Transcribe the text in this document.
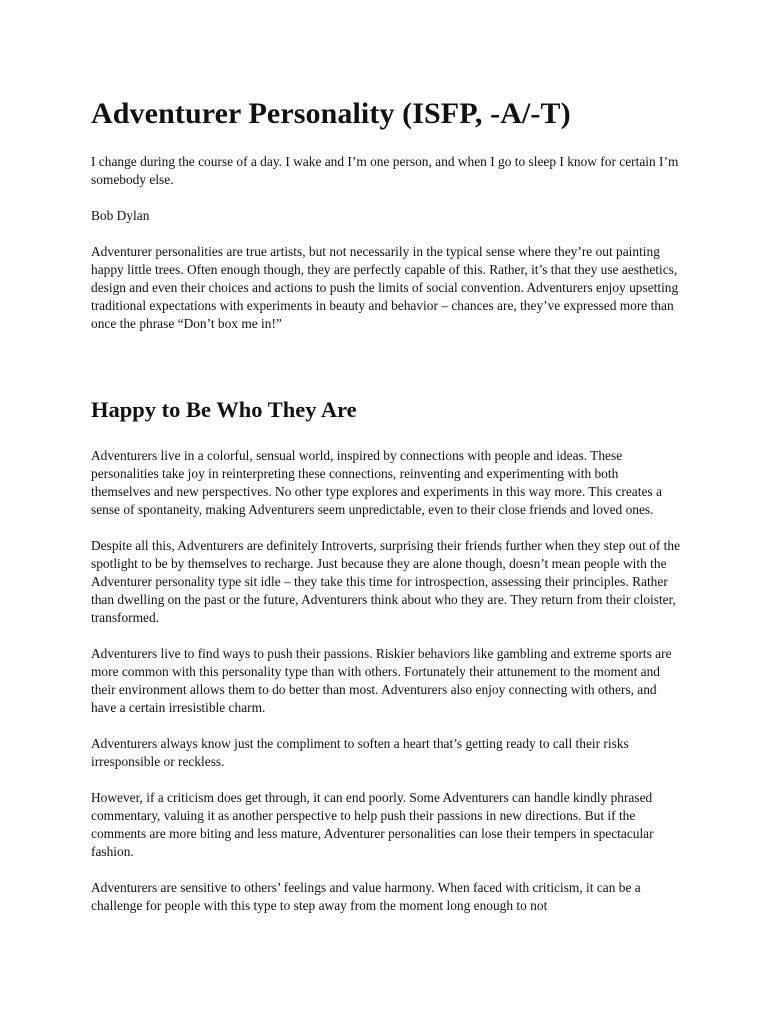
Adventurer Personality (ISFP, -A/-T)

I change during the course of a day. I wake and I’m one person, and when I go to sleep I know for certain I’m somebody else.

Bob Dylan

Adventurer personalities are true artists, but not necessarily in the typical sense where they’re out painting happy little trees. Often enough though, they are perfectly capable of this. Rather, it’s that they use aesthetics, design and even their choices and actions to push the limits of social convention. Adventurers enjoy upsetting traditional expectations with experiments in beauty and behavior – chances are, they’ve expressed more than once the phrase “Don’t box me in!”

Happy to Be Who They Are

Adventurers live in a colorful, sensual world, inspired by connections with people and ideas. These personalities take joy in reinterpreting these connections, reinventing and experimenting with both themselves and new perspectives. No other type explores and experiments in this way more. This creates a sense of spontaneity, making Adventurers seem unpredictable, even to their close friends and loved ones.

Despite all this, Adventurers are definitely Introverts, surprising their friends further when they step out of the spotlight to be by themselves to recharge. Just because they are alone though, doesn’t mean people with the Adventurer personality type sit idle – they take this time for introspection, assessing their principles. Rather than dwelling on the past or the future, Adventurers think about who they are. They return from their cloister, transformed.

Adventurers live to find ways to push their passions. Riskier behaviors like gambling and extreme sports are more common with this personality type than with others. Fortunately their attunement to the moment and their environment allows them to do better than most. Adventurers also enjoy connecting with others, and have a certain irresistible charm.

Adventurers always know just the compliment to soften a heart that’s getting ready to call their risks irresponsible or reckless.

However, if a criticism does get through, it can end poorly. Some Adventurers can handle kindly phrased commentary, valuing it as another perspective to help push their passions in new directions. But if the comments are more biting and less mature, Adventurer personalities can lose their tempers in spectacular fashion.

Adventurers are sensitive to others’ feelings and value harmony. When faced with criticism, it can be a challenge for people with this type to step away from the moment long enough to not
